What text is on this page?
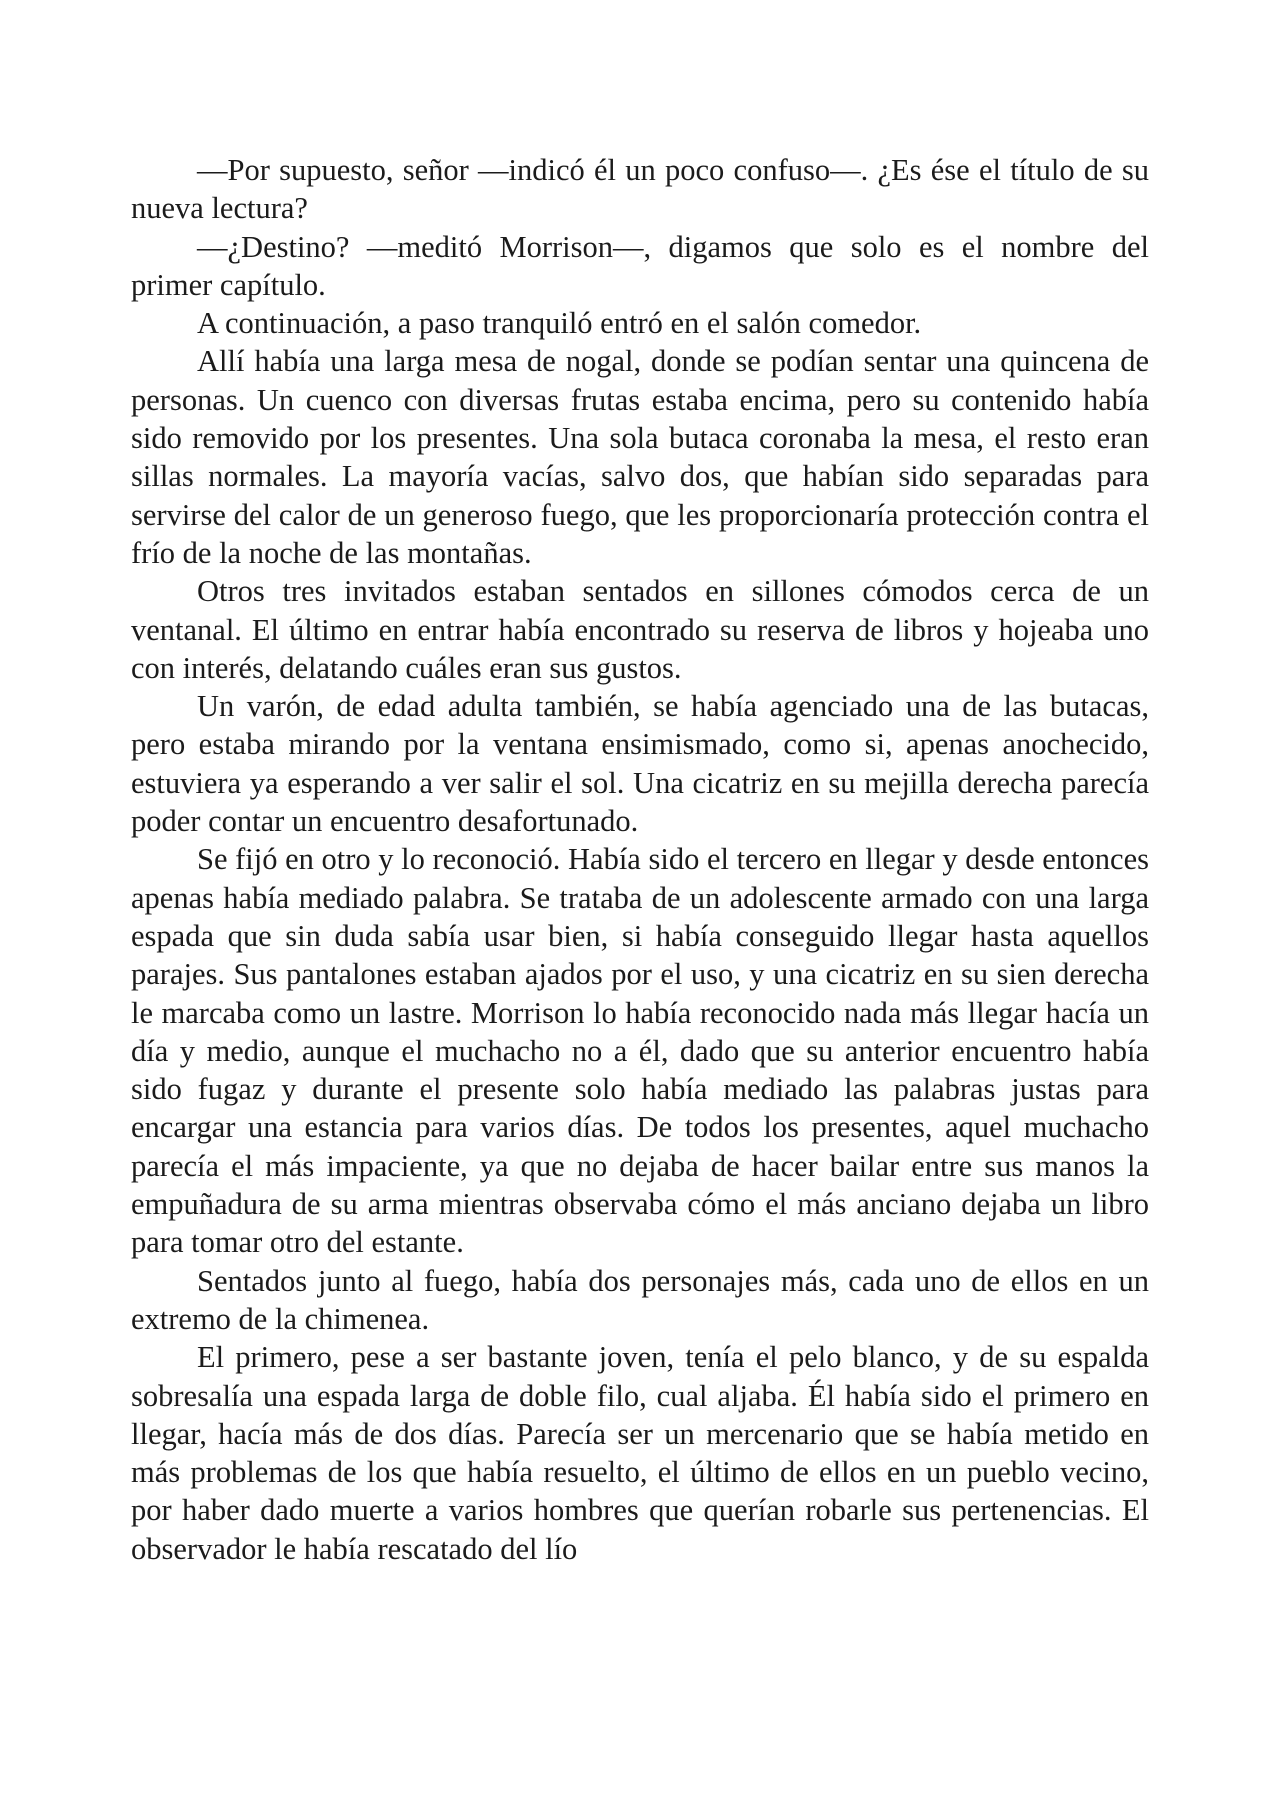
—Por supuesto, señor —indicó él un poco confuso—. ¿Es ése el título de su nueva lectura?

—¿Destino? —meditó Morrison—, digamos que solo es el nombre del primer capítulo.

A continuación, a paso tranquiló entró en el salón comedor.

Allí había una larga mesa de nogal, donde se podían sentar una quincena de personas. Un cuenco con diversas frutas estaba encima, pero su contenido había sido removido por los presentes. Una sola butaca coronaba la mesa, el resto eran sillas normales. La mayoría vacías, salvo dos, que habían sido separadas para servirse del calor de un generoso fuego, que les proporcionaría protección contra el frío de la noche de las montañas.

Otros tres invitados estaban sentados en sillones cómodos cerca de un ventanal. El último en entrar había encontrado su reserva de libros y hojeaba uno con interés, delatando cuáles eran sus gustos.

Un varón, de edad adulta también, se había agenciado una de las butacas, pero estaba mirando por la ventana ensimismado, como si, apenas anochecido, estuviera ya esperando a ver salir el sol. Una cicatriz en su mejilla derecha parecía poder contar un encuentro desafortunado.

Se fijó en otro y lo reconoció. Había sido el tercero en llegar y desde entonces apenas había mediado palabra. Se trataba de un adolescente armado con una larga espada que sin duda sabía usar bien, si había conseguido llegar hasta aquellos parajes. Sus pantalones estaban ajados por el uso, y una cicatriz en su sien derecha le marcaba como un lastre. Morrison lo había reconocido nada más llegar hacía un día y medio, aunque el muchacho no a él, dado que su anterior encuentro había sido fugaz y durante el presente solo había mediado las palabras justas para encargar una estancia para varios días. De todos los presentes, aquel muchacho parecía el más impaciente, ya que no dejaba de hacer bailar entre sus manos la empuñadura de su arma mientras observaba cómo el más anciano dejaba un libro para tomar otro del estante.

Sentados junto al fuego, había dos personajes más, cada uno de ellos en un extremo de la chimenea.

El primero, pese a ser bastante joven, tenía el pelo blanco, y de su espalda sobresalía una espada larga de doble filo, cual aljaba. Él había sido el primero en llegar, hacía más de dos días. Parecía ser un mercenario que se había metido en más problemas de los que había resuelto, el último de ellos en un pueblo vecino, por haber dado muerte a varios hombres que querían robarle sus pertenencias. El observador le había rescatado del lío
